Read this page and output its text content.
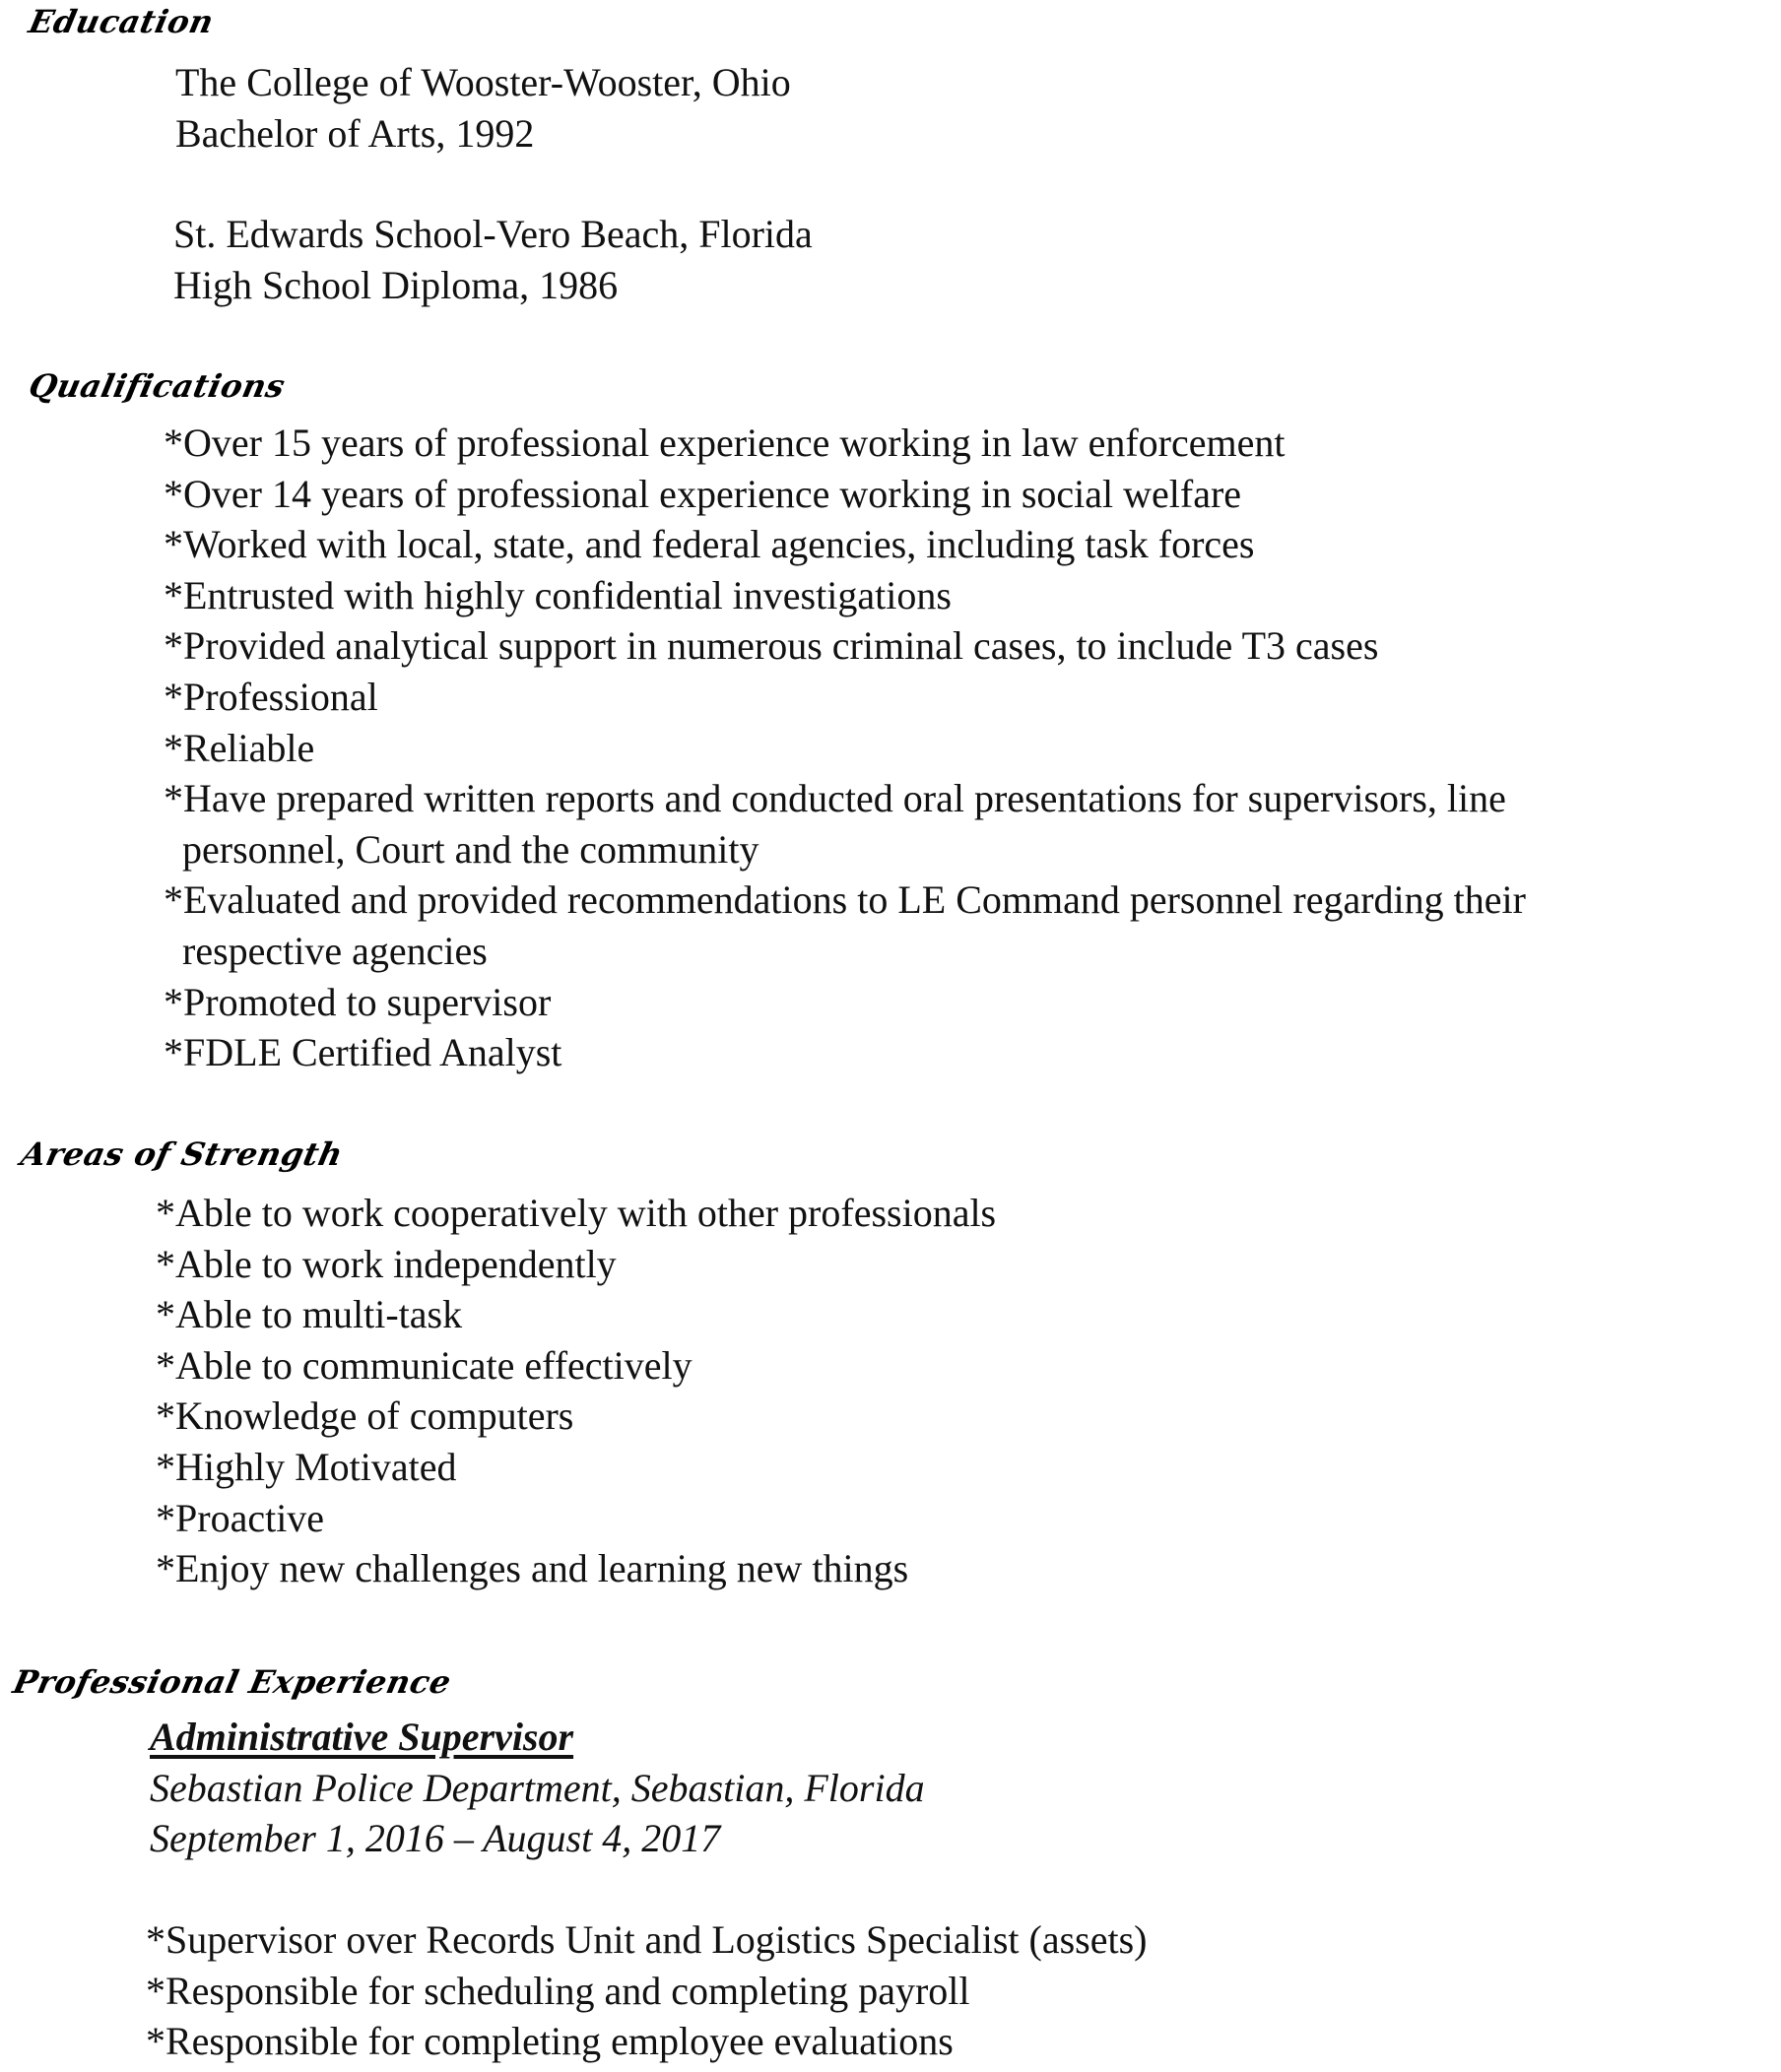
Education
The College of Wooster-Wooster, Ohio
Bachelor of Arts, 1992
St. Edwards School-Vero Beach, Florida
High School Diploma, 1986
Qualifications
*Over 15 years of professional experience working in law enforcement
*Over 14 years of professional experience working in social welfare
*Worked with local, state, and federal agencies, including task forces
*Entrusted with highly confidential investigations
*Provided analytical support in numerous criminal cases, to include T3 cases
*Professional
*Reliable
*Have prepared written reports and conducted oral presentations for supervisors, line
personnel, Court and the community
*Evaluated and provided recommendations to LE Command personnel regarding their
respective agencies
*Promoted to supervisor
*FDLE Certified Analyst
Areas of Strength
*Able to work cooperatively with other professionals
*Able to work independently
*Able to multi-task
*Able to communicate effectively
*Knowledge of computers
*Highly Motivated
*Proactive
*Enjoy new challenges and learning new things
Professional Experience
Administrative Supervisor
Sebastian Police Department, Sebastian, Florida
September 1, 2016 – August 4, 2017
*Supervisor over Records Unit and Logistics Specialist (assets)
*Responsible for scheduling and completing payroll
*Responsible for completing employee evaluations
